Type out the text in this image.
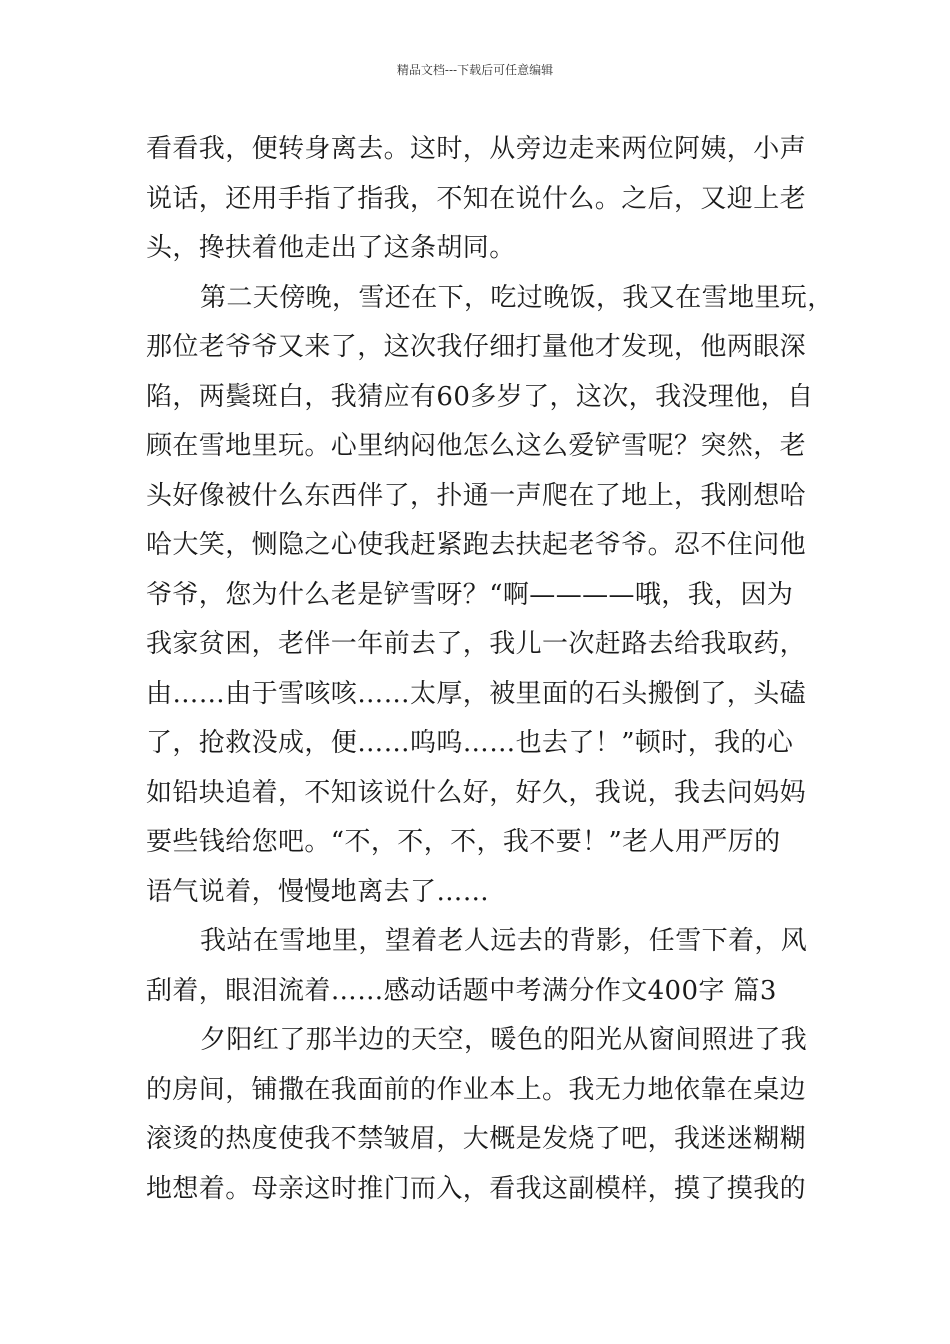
精品文档---下载后可任意编辑
看看我，便转身离去。这时，从旁边走来两位阿姨，小声
说话，还用手指了指我，不知在说什么。之后，又迎上老
头，搀扶着他走出了这条胡同。
第二天傍晚，雪还在下，吃过晚饭，我又在雪地里玩，
那位老爷爷又来了，这次我仔细打量他才发现，他两眼深
陷，两鬓斑白，我猜应有60多岁了，这次，我没理他，自
顾在雪地里玩。心里纳闷他怎么这么爱铲雪呢？突然，老
头好像被什么东西伴了，扑通一声爬在了地上，我刚想哈
哈大笑，恻隐之心使我赶紧跑去扶起老爷爷。忍不住问他
爷爷，您为什么老是铲雪呀？“啊————哦，我，因为
我家贫困，老伴一年前去了，我儿一次赶路去给我取药，
由……由于雪咳咳……太厚，被里面的石头搬倒了，头磕
了，抢救没成，便……呜呜……也去了！”顿时，我的心
如铅块追着，不知该说什么好，好久，我说，我去问妈妈
要些钱给您吧。“不，不，不，我不要！”老人用严厉的
语气说着，慢慢地离去了……
我站在雪地里，望着老人远去的背影，任雪下着，风
刮着，眼泪流着……感动话题中考满分作文400字 篇3
夕阳红了那半边的天空，暖色的阳光从窗间照进了我
的房间，铺撒在我面前的作业本上。我无力地依靠在桌边
滚烫的热度使我不禁皱眉，大概是发烧了吧，我迷迷糊糊
地想着。母亲这时推门而入，看我这副模样，摸了摸我的
